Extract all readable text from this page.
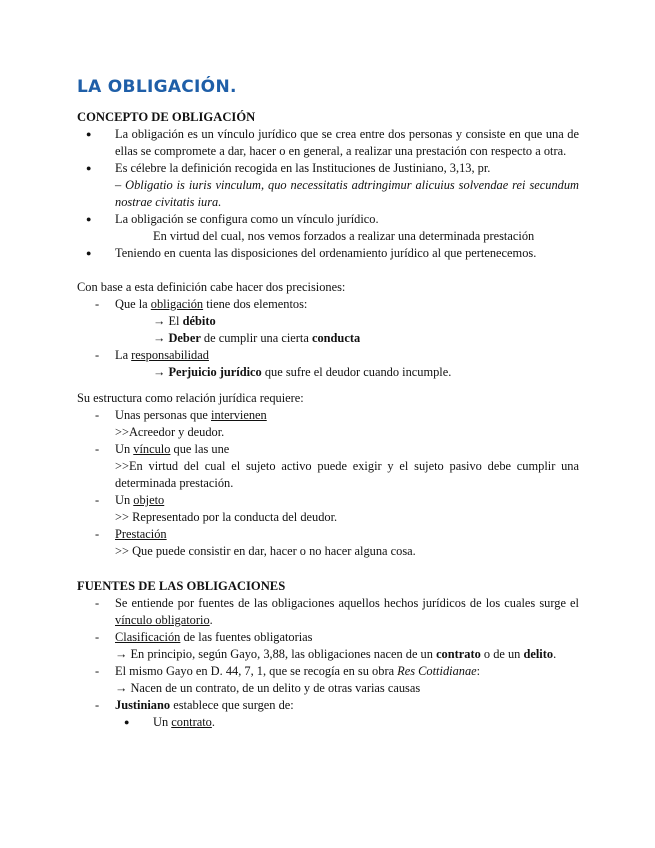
LA OBLIGACIÓN.
CONCEPTO DE OBLIGACIÓN
● La obligación es un vínculo jurídico que se crea entre dos personas y consiste en que una de ellas se compromete a dar, hacer o en general, a realizar una prestación con respecto a otra.
● Es célebre la definición recogida en las Instituciones de Justiniano, 3,13, pr.
– Obligatio is iuris vinculum, quo necessitatis adtringimur alicuius solvendae rei secundum nostrae civitatis iura.
● La obligación se configura como un vínculo jurídico.
En virtud del cual, nos vemos forzados a realizar una determinada prestación
● Teniendo en cuenta las disposiciones del ordenamiento jurídico al que pertenecemos.

Con base a esta definición cabe hacer dos precisiones:

- Que la obligación tiene dos elementos:
→ El débito
→ Deber de cumplir una cierta conducta
- La responsabilidad
→ Perjuicio jurídico que sufre el deudor cuando incumple.

Su estructura como relación jurídica requiere:

- Unas personas que intervienen
>>Acreedor y deudor.
- Un vínculo que las une
>>En virtud del cual el sujeto activo puede exigir y el sujeto pasivo debe cumplir una determinada prestación.
- Un objeto
>> Representado por la conducta del deudor.
- Prestación
>> Que puede consistir en dar, hacer o no hacer alguna cosa.
FUENTES DE LAS OBLIGACIONES
- Se entiende por fuentes de las obligaciones aquellos hechos jurídicos de los cuales surge el vínculo obligatorio.
- Clasificación de las fuentes obligatorias
→ En principio, según Gayo, 3,88, las obligaciones nacen de un contrato o de un delito.
- El mismo Gayo en D. 44, 7, 1, que se recogía en su obra Res Cottidianae:
→ Nacen de un contrato, de un delito y de otras varias causas
- Justiniano establece que surgen de:
● Un contrato.
